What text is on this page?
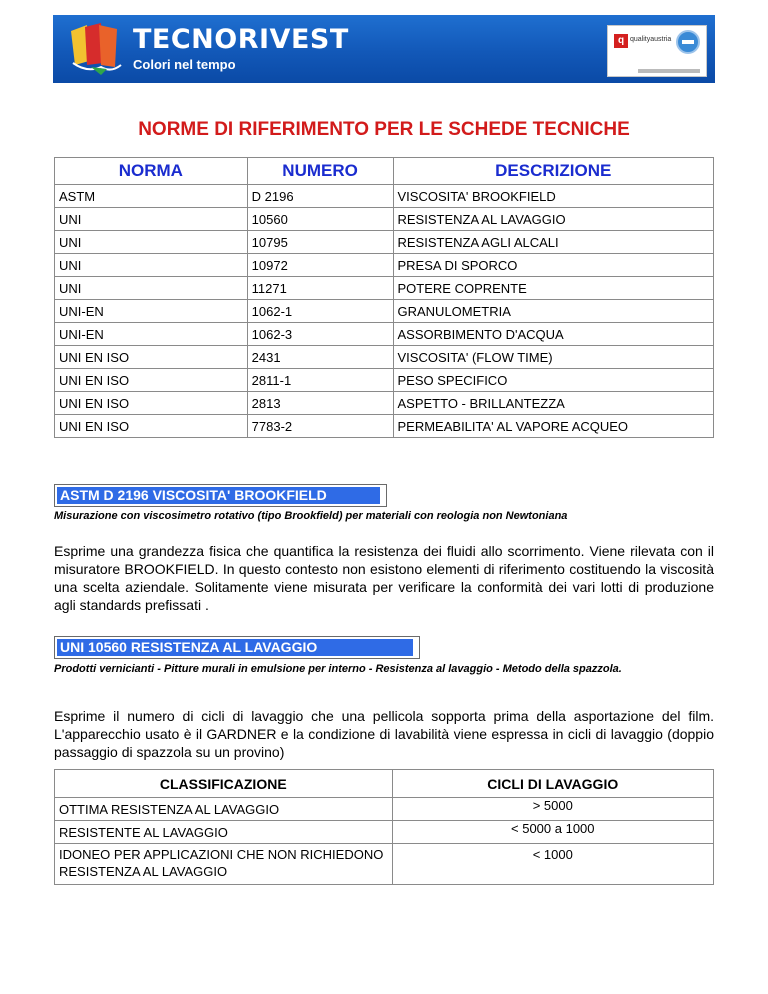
TECNORIVEST
Colori nel tempo
q qualityaustria
NORME DI RIFERIMENTO PER LE SCHEDE TECNICHE
NORMA	NUMERO	DESCRIZIONE
ASTM	D 2196	VISCOSITA' BROOKFIELD
UNI	10560	RESISTENZA AL LAVAGGIO
UNI	10795	RESISTENZA AGLI ALCALI
UNI	10972	PRESA DI SPORCO
UNI	11271	POTERE COPRENTE
UNI-EN	1062-1	GRANULOMETRIA
UNI-EN	1062-3	ASSORBIMENTO D'ACQUA
UNI EN ISO	2431	VISCOSITA' (FLOW TIME)
UNI EN ISO	2811-1	PESO SPECIFICO
UNI EN ISO	2813	ASPETTO - BRILLANTEZZA
UNI EN ISO	7783-2	PERMEABILITA' AL VAPORE ACQUEO
ASTM D 2196 VISCOSITA' BROOKFIELD
Misurazione con viscosimetro rotativo (tipo Brookfield) per materiali con reologia non Newtoniana
Esprime una grandezza fisica che quantifica la resistenza dei fluidi allo scorrimento. Viene rilevata con il misuratore BROOKFIELD. In questo contesto non esistono elementi di riferimento costituendo la viscosità una scelta aziendale. Solitamente viene misurata per verificare la conformità dei vari lotti di produzione agli standards prefissati .
UNI 10560 RESISTENZA AL LAVAGGIO
Prodotti vernicianti - Pitture murali in emulsione per interno - Resistenza al lavaggio - Metodo della spazzola.
Esprime il numero di cicli di lavaggio che una pellicola sopporta prima della asportazione del film. L'apparecchio usato è il GARDNER e la condizione di lavabilità viene espressa in cicli di lavaggio (doppio passaggio di spazzola su un provino)
CLASSIFICAZIONE	CICLI DI LAVAGGIO
OTTIMA RESISTENZA AL LAVAGGIO	> 5000
RESISTENTE AL LAVAGGIO	< 5000 a 1000
IDONEO PER APPLICAZIONI CHE NON RICHIEDONO RESISTENZA AL LAVAGGIO	< 1000
